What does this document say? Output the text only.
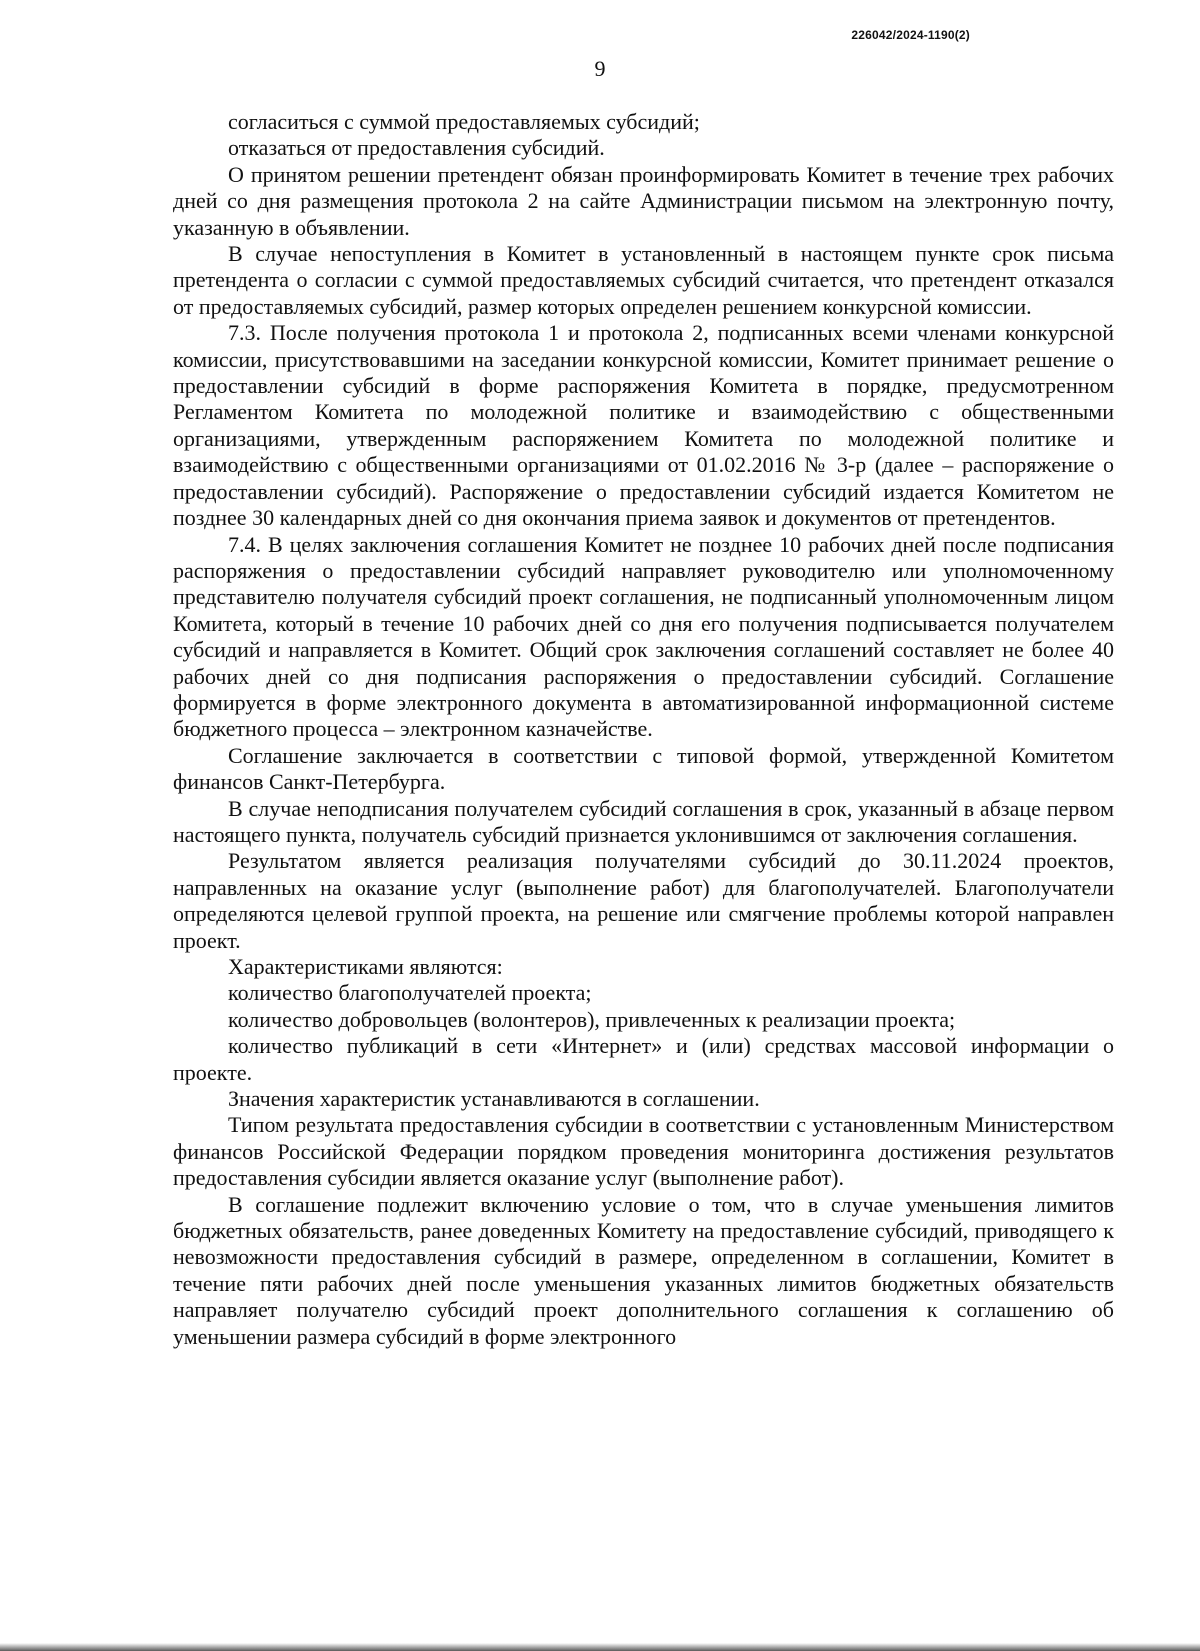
226042/2024-1190(2)
9

согласиться с суммой предоставляемых субсидий;

отказаться от предоставления субсидий.

О принятом решении претендент обязан проинформировать Комитет в течение трех рабочих дней со дня размещения протокола 2 на сайте Администрации письмом на электронную почту, указанную в объявлении.

В случае непоступления в Комитет в установленный в настоящем пункте срок письма претендента о согласии с суммой предоставляемых субсидий считается, что претендент отказался от предоставляемых субсидий, размер которых определен решением конкурсной комиссии.

7.3. После получения протокола 1 и протокола 2, подписанных всеми членами конкурсной комиссии, присутствовавшими на заседании конкурсной комиссии, Комитет принимает решение о предоставлении субсидий в форме распоряжения Комитета в порядке, предусмотренном Регламентом Комитета по молодежной политике и взаимодействию с общественными организациями, утвержденным распоряжением Комитета по молодежной политике и взаимодействию с общественными организациями от 01.02.2016 № 3-р (далее – распоряжение о предоставлении субсидий). Распоряжение о предоставлении субсидий издается Комитетом не позднее 30 календарных дней со дня окончания приема заявок и документов от претендентов.

7.4. В целях заключения соглашения Комитет не позднее 10 рабочих дней после подписания распоряжения о предоставлении субсидий направляет руководителю или уполномоченному представителю получателя субсидий проект соглашения, не подписанный уполномоченным лицом Комитета, который в течение 10 рабочих дней со дня его получения подписывается получателем субсидий и направляется в Комитет. Общий срок заключения соглашений составляет не более 40 рабочих дней со дня подписания распоряжения о предоставлении субсидий. Соглашение формируется в форме электронного документа в автоматизированной информационной системе бюджетного процесса – электронном казначействе.

Соглашение заключается в соответствии с типовой формой, утвержденной Комитетом финансов Санкт-Петербурга.

В случае неподписания получателем субсидий соглашения в срок, указанный в абзаце первом настоящего пункта, получатель субсидий признается уклонившимся от заключения соглашения.

Результатом является реализация получателями субсидий до 30.11.2024 проектов, направленных на оказание услуг (выполнение работ) для благополучателей. Благополучатели определяются целевой группой проекта, на решение или смягчение проблемы которой направлен проект.

Характеристиками являются:

количество благополучателей проекта;

количество добровольцев (волонтеров), привлеченных к реализации проекта;

количество публикаций в сети «Интернет» и (или) средствах массовой информации о проекте.

Значения характеристик устанавливаются в соглашении.

Типом результата предоставления субсидии в соответствии с установленным Министерством финансов Российской Федерации порядком проведения мониторинга достижения результатов предоставления субсидии является оказание услуг (выполнение работ).

В соглашение подлежит включению условие о том, что в случае уменьшения лимитов бюджетных обязательств, ранее доведенных Комитету на предоставление субсидий, приводящего к невозможности предоставления субсидий в размере, определенном в соглашении, Комитет в течение пяти рабочих дней после уменьшения указанных лимитов бюджетных обязательств направляет получателю субсидий проект дополнительного соглашения к соглашению об уменьшении размера субсидий в форме электронного
